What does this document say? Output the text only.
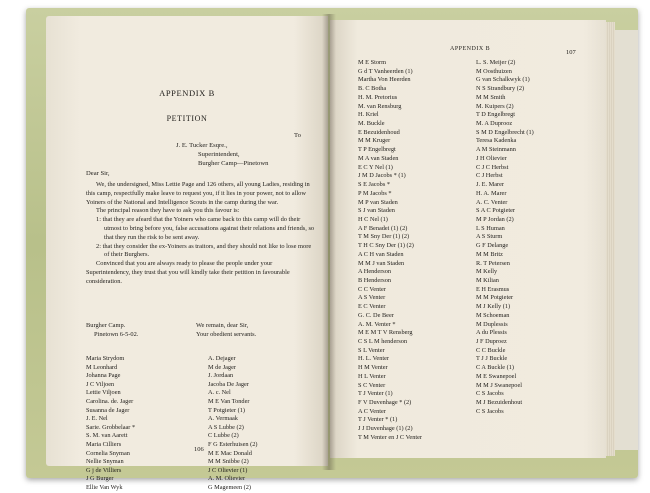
APPENDIX B
PETITION
To
J. E. Tucker Esqre.,
Superintendent,
Burgher Camp—Pinetown
Dear Sir,

We, the undersigned, Miss Lettie Page and 126 others, all young Ladies, residing in this camp, respectfully make leave to request you, if it lies in your power, not to allow Yoiners of the National and Intelligence Scouts in the camp during the war.

The principal reason they have to ask you this favour is:

1: that they are afeard that the Yoiners who came back to this camp will do their utmost to bring before you, false accusations against their relations and friends, so that they run the risk to be sent away.

2: that they consider the ex-Yoiners as traitors, and they should not like to lose more of their Burghers.

Convinced that you are always ready to please the people under your Superintendency, they trust that you will kindly take their petition in favourable consideration.

Burgher Camp.	We remain, dear Sir,
Pinetown 6-5-02.	Your obedient servants.
Maria Strydom
M Leonhard
Johanna Page
J C Viljoen
Lettie Viljoen
Carolina. de. Jager
Susanna de Jager
J. E. Nel
Sarie. Grobbelaar *
S. M. van Aarett
Maria Cilliers
Cornelia Snyman
Nellie Snyman
G j de Villiers
J G Burger
Ellie Van Wyk
A. Dejager
M de Jager
J. Jordaan
Jacoba De Jager
A. c. Nel
M E Van Tonder
T Potgieter (1)
A. Vermaak
A S Lubbe (2)
C Lubbe (2)
F G Esterhuisen (2)
M E Mac Donald
M M Snibbe (2)
J C Olievier (1)
A. M. Olievier
G Magemeen (2)
106
APPENDIX B	107
M E Storm
G d T Vanheerden (1)
Martha Von Heerden
B. C Botha
H. M. Pretorius
M. van Rensburg
H. Kriel
M. Buckle
E Bezuidenhoud
M M Kruger
T P Engelbregt
M A van Staden
E C Y Nel (1)
J M D Jacobs * (1)
S E Jacobs *
P M Jacobs *
M P van Staden
S J van Staden
H C Nel (1)
A F Benadei (1) (2)
T M Sny Der (1) (2)
T H C Sny Der (1) (2)
A C H van Staden
M M J van Staden
A Henderson
B Henderson
C C Venter
A S Venter
E C Venter
G. C. De Beer
A. M. Venter *
M E M T V Rensberg
C S L M henderson
S L Venter
H. L. Venter
H M Venter
H L Venter
S C Venter
T J Venter (1)
F V Duvenhage * (2)
A C Venter
T J Venter * (1)
J J Duvenhage (1) (2)
T M Venter en J C Venter
L. S. Meijer (2)
M Oosthuizen
G van Schalkwyk (1)
N S Strandbury (2)
M M Smith
M. Kuipers (2)
T D Engelbregt
M. A Duprooz
S M D Engelbrecht (1)
Teresa Kadenka
A M Steinmann
J H Olievier
C J C Herbst
C J Herbst
J. E. Marer
H. A. Marer
A. C. Venter
S A C Potgieter
M P Jordan (2)
L S Human
A S Sturm
G F Delange
M M Britz
R. T Petersen
M Kelly
M Kilian
E H Erasmus
M M Potgieter
M J Kelly (1)
M Schoeman
M Duplessis
A du Plessis
J F Duproez
C C Buckle
T J J Buckle
C A Buckle (1)
M E Swanepoel
M M J Swanepoel
C S Jacobs
M J Bezuidenhout
C S Jacobs
